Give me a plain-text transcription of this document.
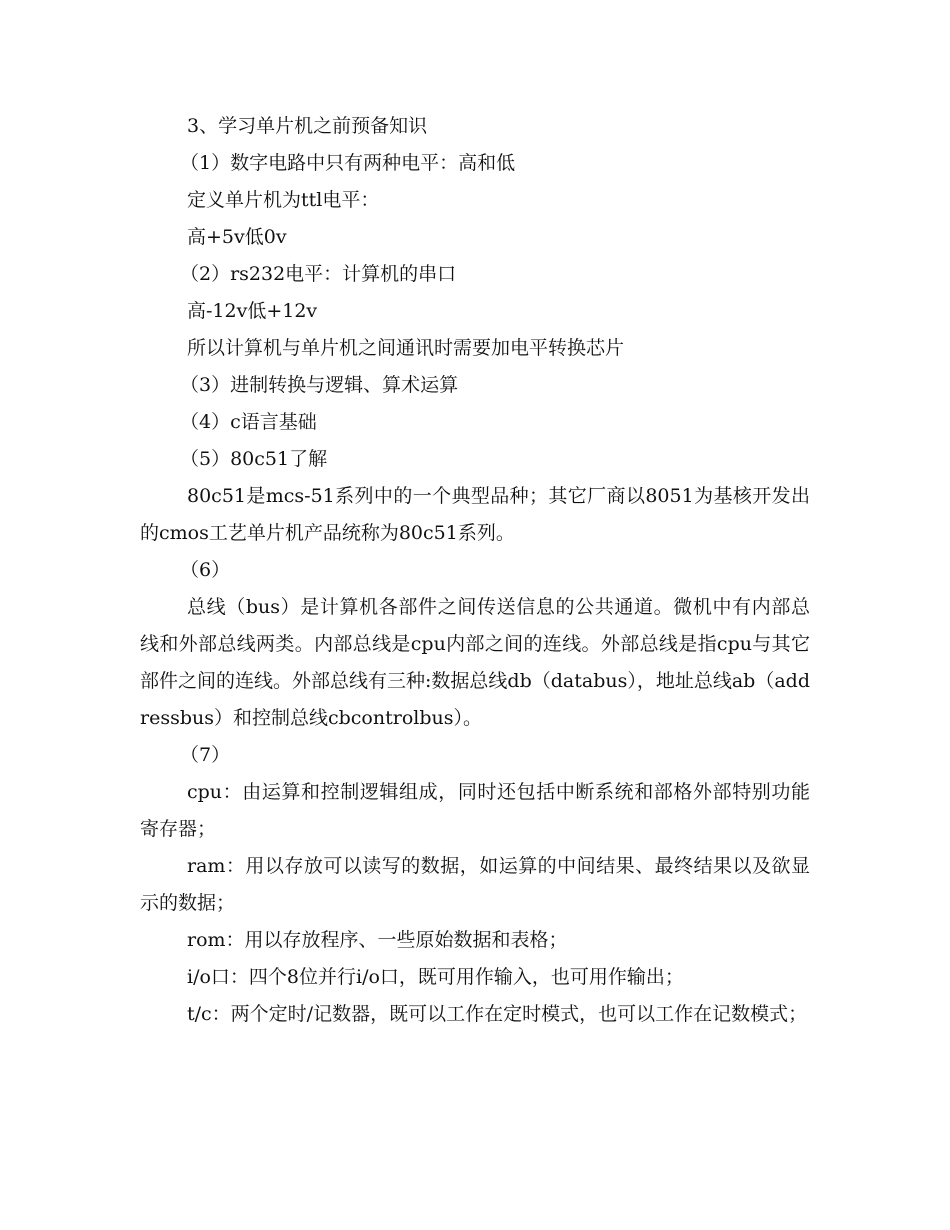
3、学习单片机之前预备知识

（1）数字电路中只有两种电平：高和低

定义单片机为ttl电平：

高+5v低0v

（2）rs232电平：计算机的串口

高-12v低+12v

所以计算机与单片机之间通讯时需要加电平转换芯片

（3）进制转换与逻辑、算术运算

（4）c语言基础

（5）80c51了解

80c51是mcs-51系列中的一个典型品种；其它厂商以8051为基核开发出的cmos工艺单片机产品统称为80c51系列。

（6）

总线（bus）是计算机各部件之间传送信息的公共通道。微机中有内部总线和外部总线两类。内部总线是cpu内部之间的连线。外部总线是指cpu与其它部件之间的连线。外部总线有三种:数据总线db（databus），地址总线ab（addressbus）和控制总线cbcontrolbus）。

（7）

cpu：由运算和控制逻辑组成，同时还包括中断系统和部格外部特别功能寄存器；

ram：用以存放可以读写的数据，如运算的中间结果、最终结果以及欲显示的数据；

rom：用以存放程序、一些原始数据和表格；

i/o口：四个8位并行i/o口，既可用作输入，也可用作输出；

t/c：两个定时/记数器，既可以工作在定时模式，也可以工作在记数模式；
